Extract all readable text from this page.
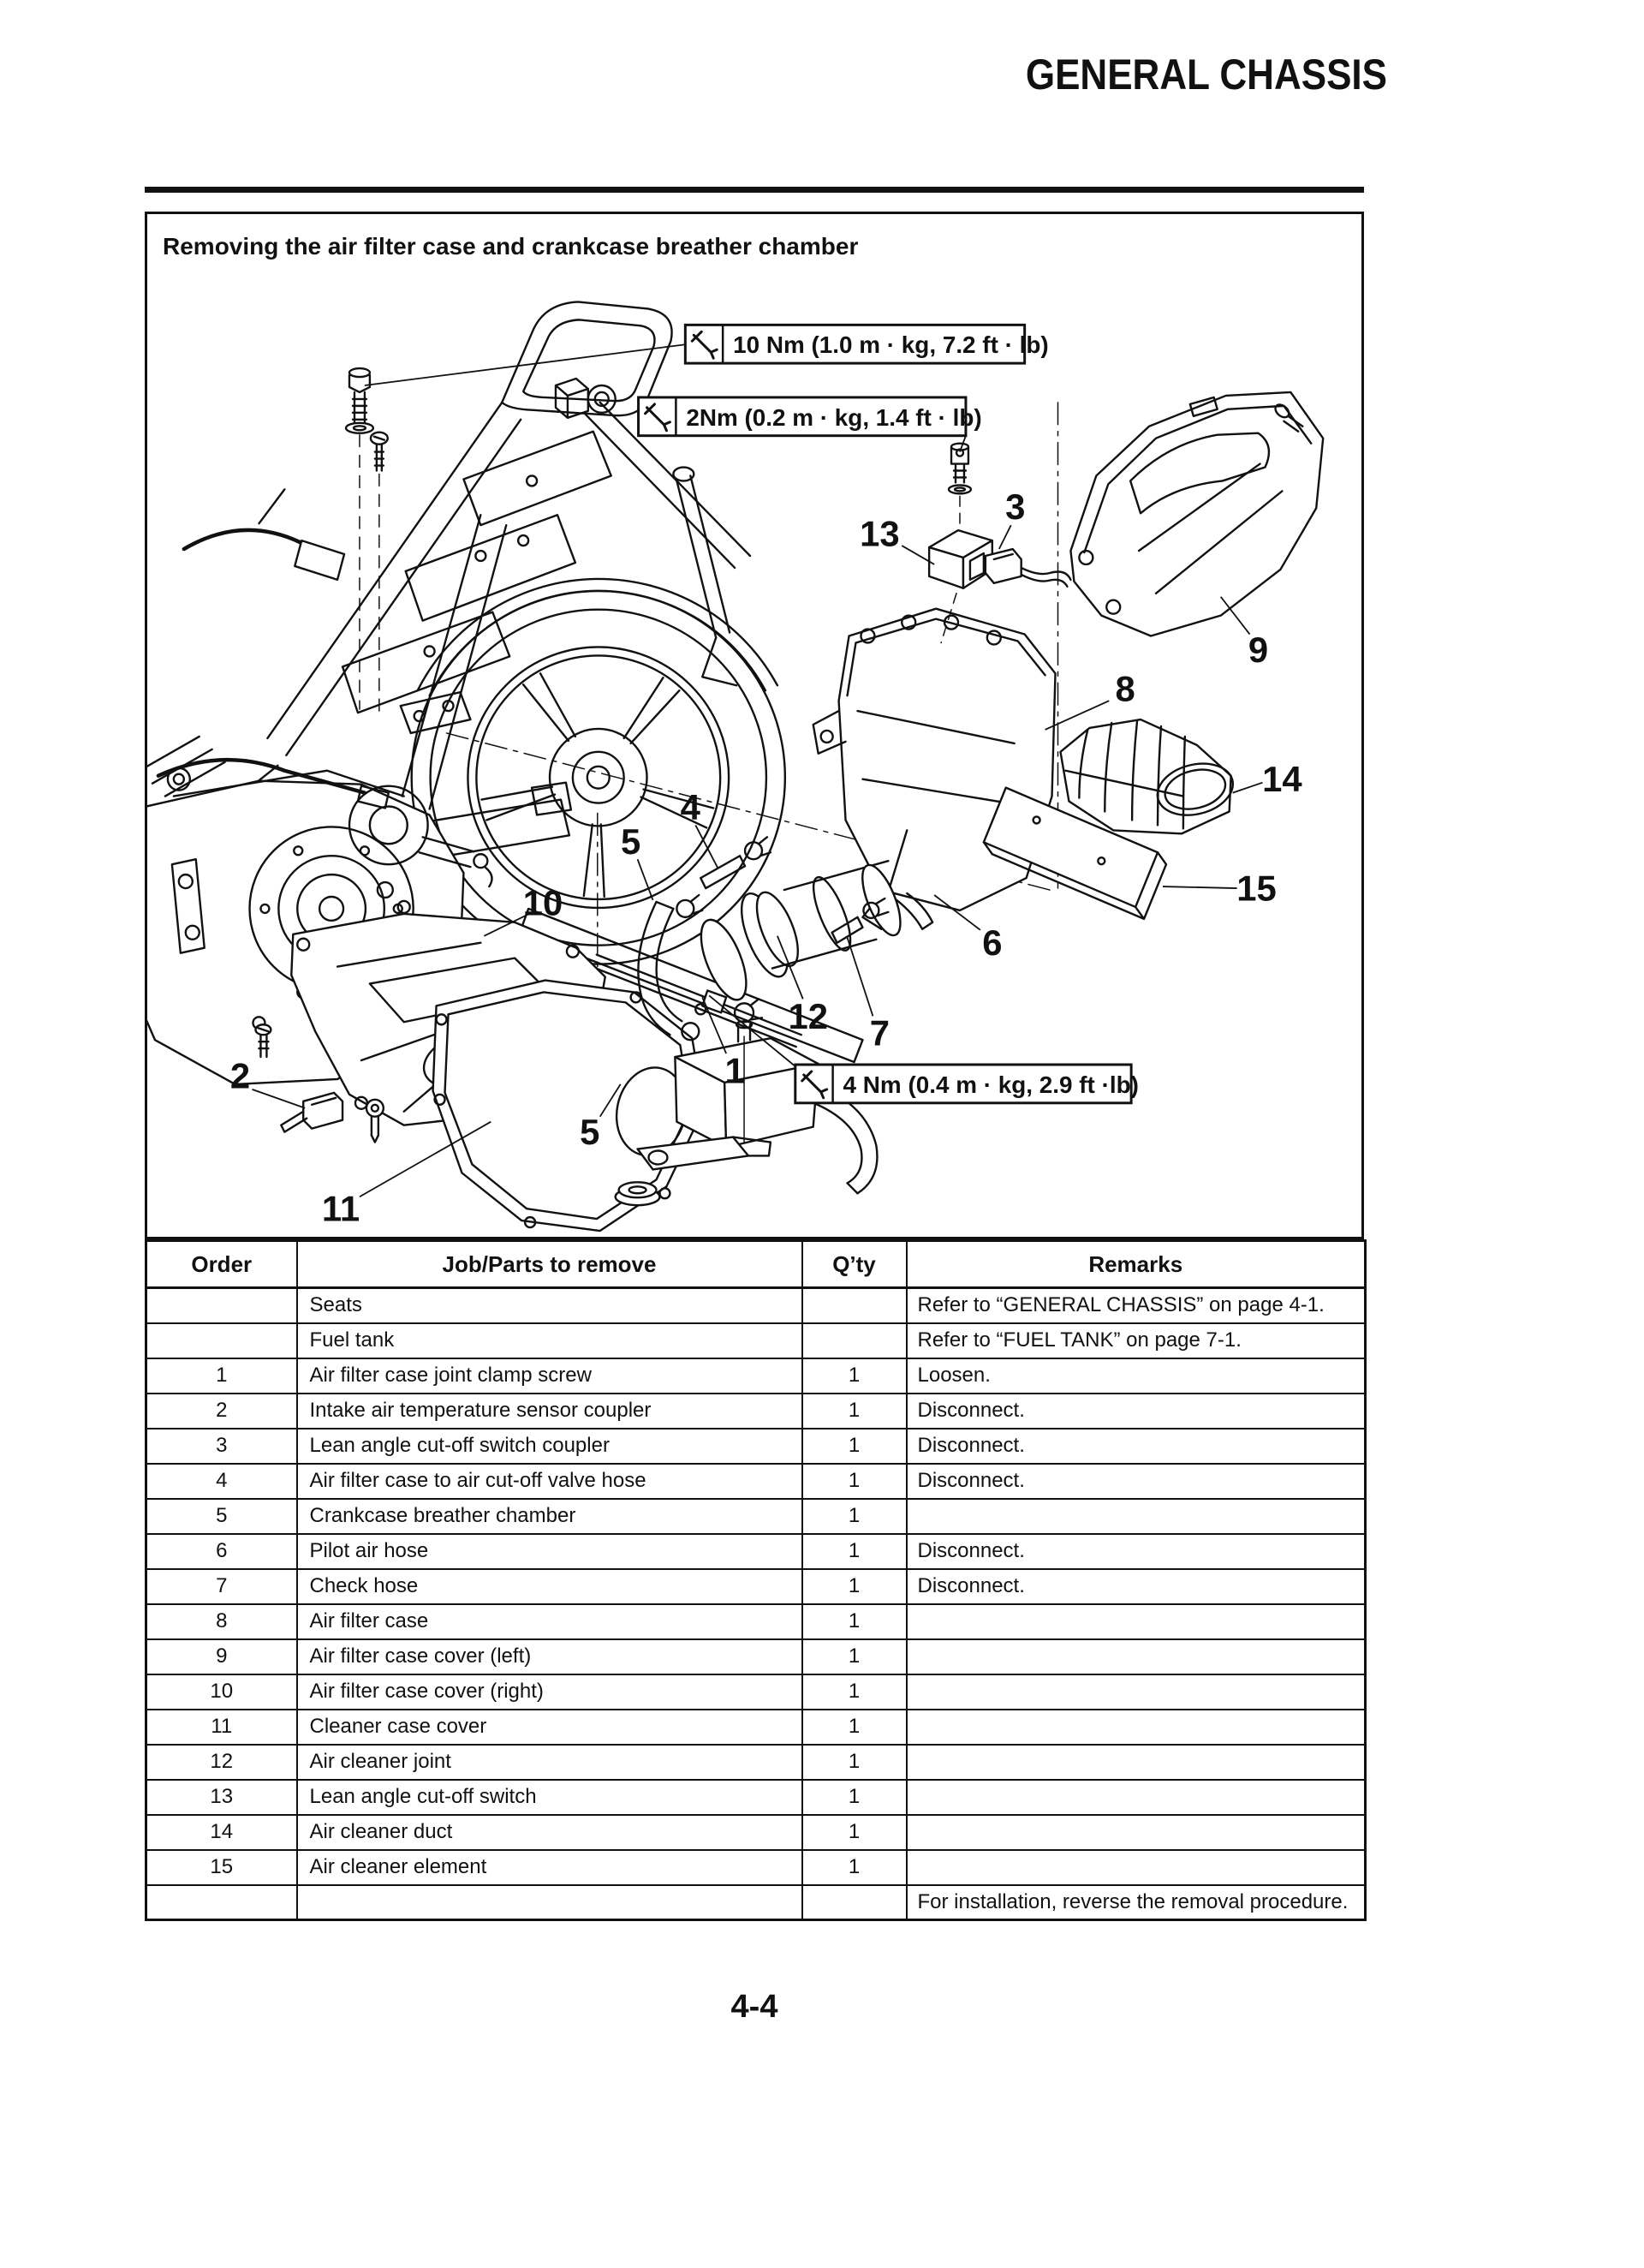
GENERAL CHASSIS
1
2
3
4
5
5
6
7
8
9
10
11
12
13
14
15
10 Nm (1.0 m · kg, 7.2 ft · lb)
2Nm (0.2 m · kg, 1.4 ft · lb)
4 Nm (0.4 m · kg, 2.9 ft ·lb)
Removing the air filter case and crankcase breather chamber
Order	Job/Parts to remove	Q’ty	Remarks
	Seats		Refer to “GENERAL CHASSIS” on page 4-1.
	Fuel tank		Refer to “FUEL TANK” on page 7-1.
1	Air filter case joint clamp screw	1	Loosen.
2	Intake air temperature sensor coupler	1	Disconnect.
3	Lean angle cut-off switch coupler	1	Disconnect.
4	Air filter case to air cut-off valve hose	1	Disconnect.
5	Crankcase breather chamber	1	
6	Pilot air hose	1	Disconnect.
7	Check hose	1	Disconnect.
8	Air filter case	1	
9	Air filter case cover (left)	1	
10	Air filter case cover (right)	1	
11	Cleaner case cover	1	
12	Air cleaner joint	1	
13	Lean angle cut-off switch	1	
14	Air cleaner duct	1	
15	Air cleaner element	1	
			For installation, reverse the removal procedure.
4-4
